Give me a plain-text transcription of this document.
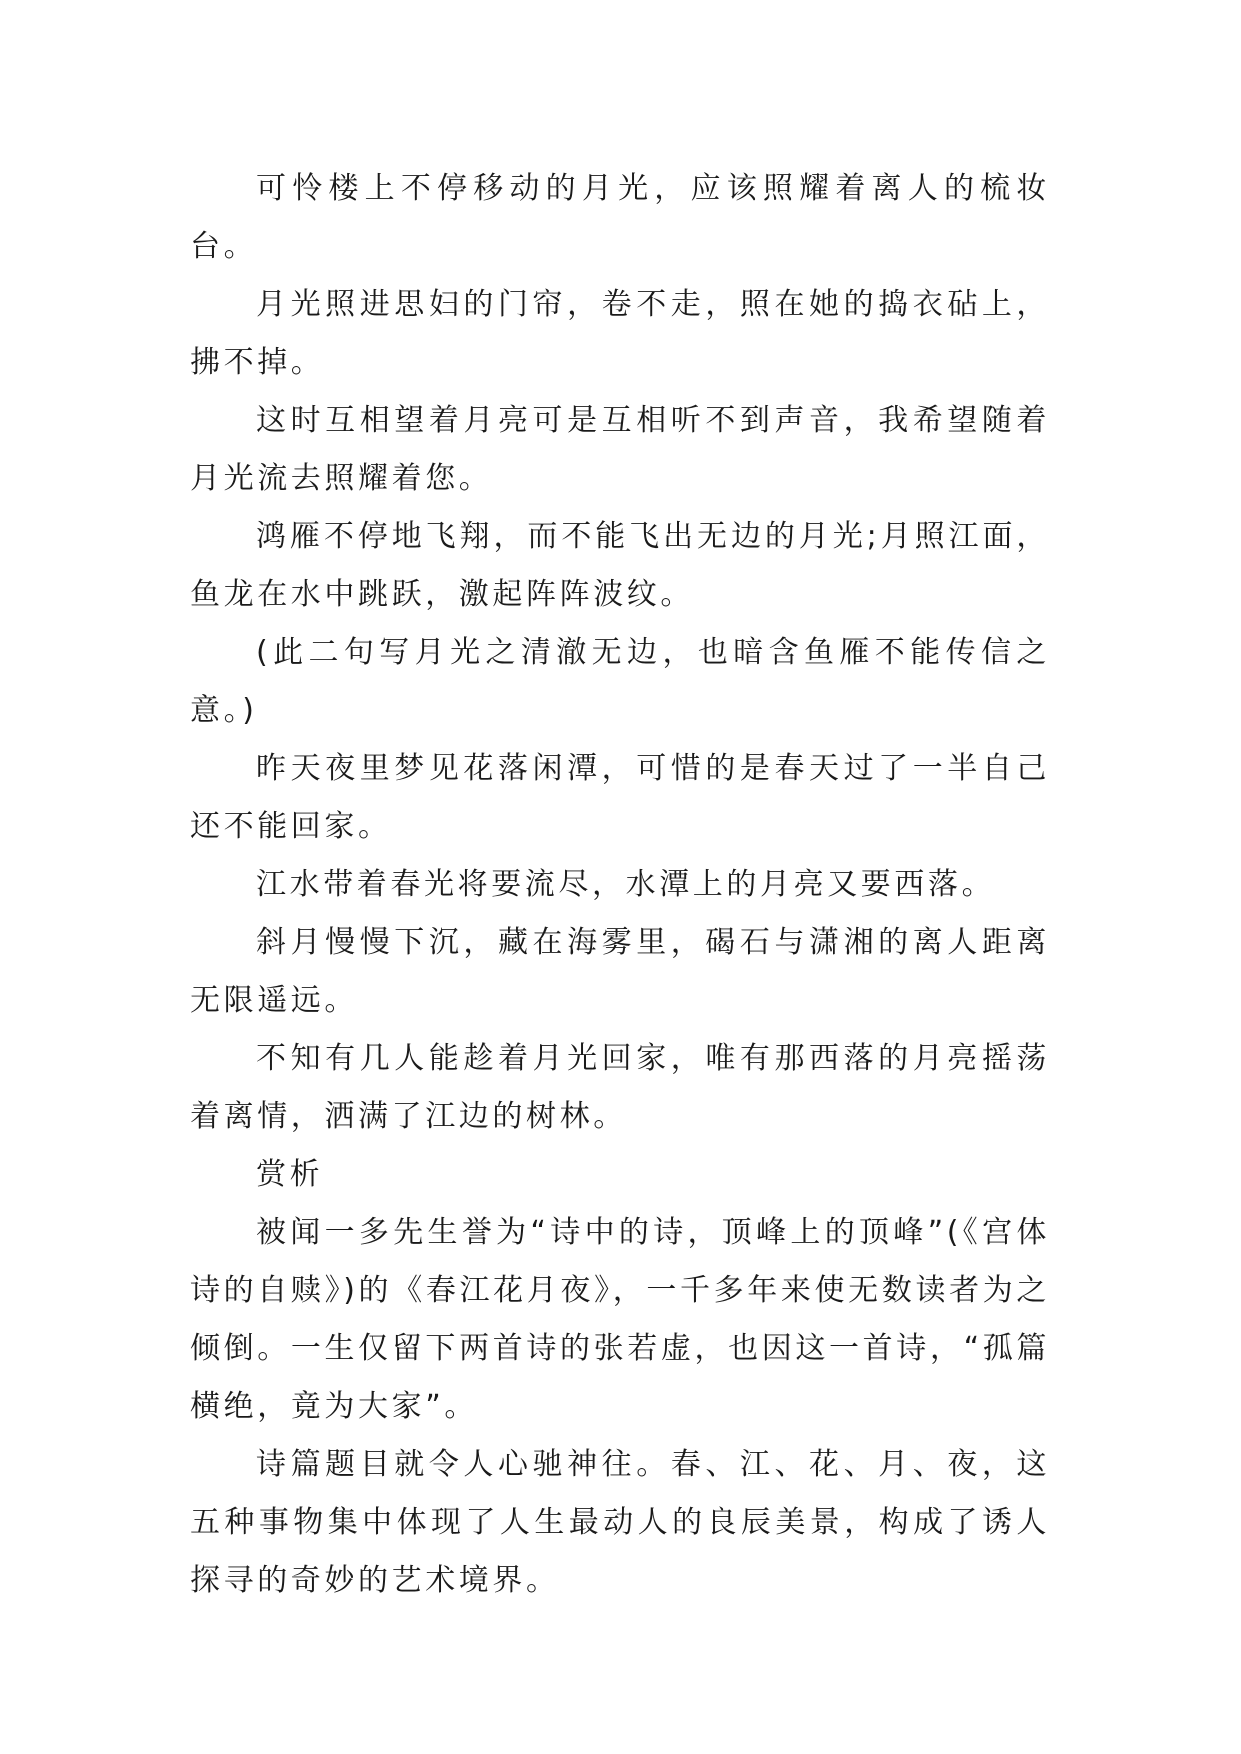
可怜楼上不停移动的月光，应该照耀着离人的梳妆台。

月光照进思妇的门帘，卷不走，照在她的捣衣砧上，拂不掉。

这时互相望着月亮可是互相听不到声音，我希望随着月光流去照耀着您。

鸿雁不停地飞翔，而不能飞出无边的月光;月照江面，鱼龙在水中跳跃，激起阵阵波纹。

(此二句写月光之清澈无边，也暗含鱼雁不能传信之意。)

昨天夜里梦见花落闲潭，可惜的是春天过了一半自己还不能回家。

江水带着春光将要流尽，水潭上的月亮又要西落。

斜月慢慢下沉，藏在海雾里，碣石与潇湘的离人距离无限遥远。

不知有几人能趁着月光回家，唯有那西落的月亮摇荡着离情，洒满了江边的树林。

赏析

被闻一多先生誉为“诗中的诗，顶峰上的顶峰”(《宫体诗的自赎》)的《春江花月夜》，一千多年来使无数读者为之倾倒。一生仅留下两首诗的张若虚，也因这一首诗，“孤篇横绝，竟为大家”。

诗篇题目就令人心驰神往。春、江、花、月、夜，这五种事物集中体现了人生最动人的良辰美景，构成了诱人探寻的奇妙的艺术境界。
